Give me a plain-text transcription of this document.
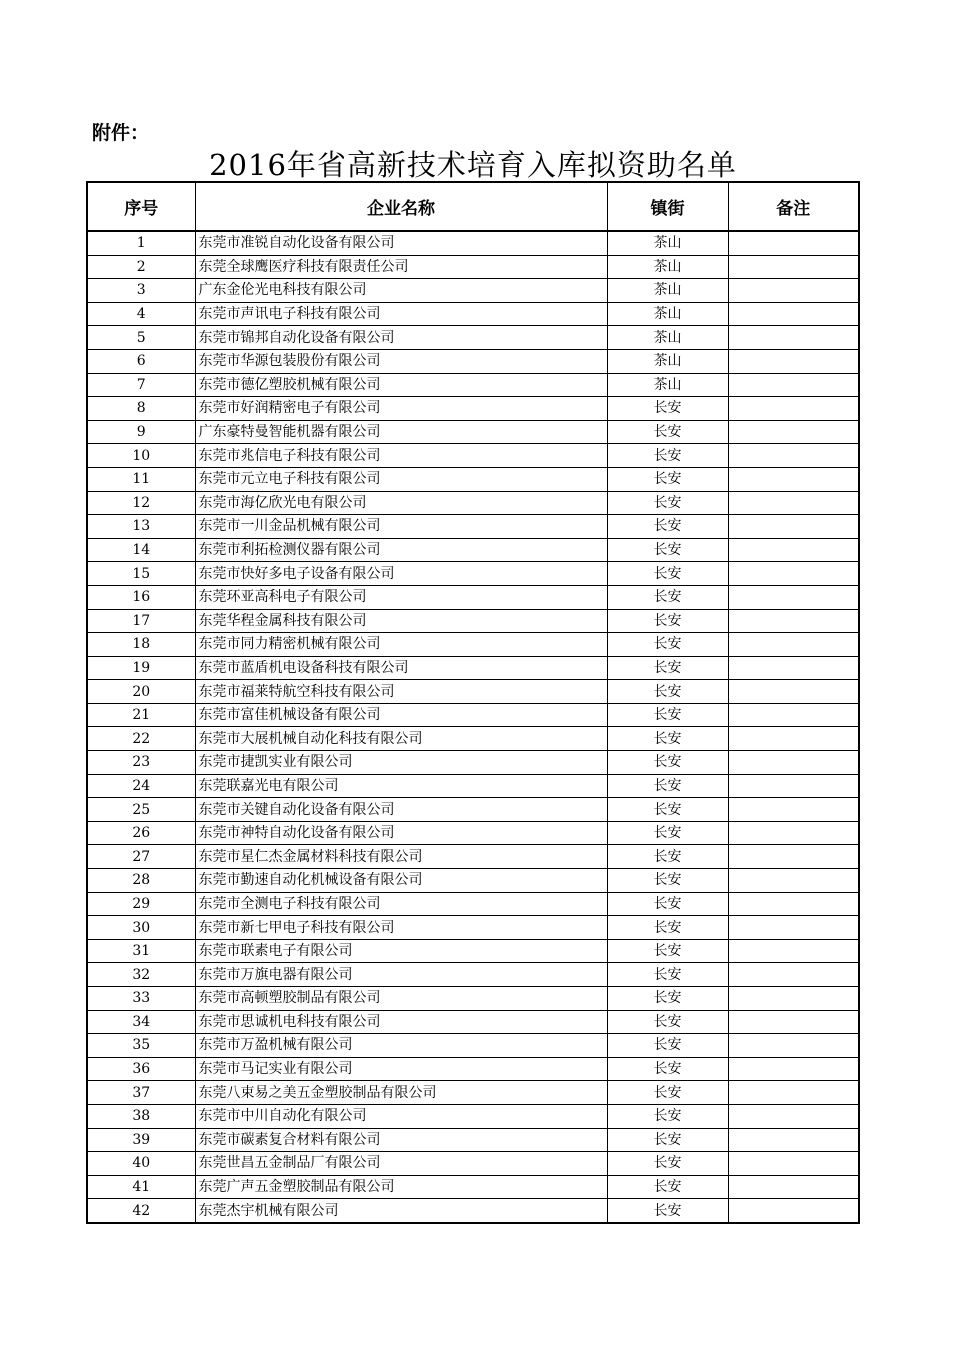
附件：
2016年省高新技术培育入库拟资助名单
序号	企业名称	镇街	备注
1	东莞市准锐自动化设备有限公司	茶山	
2	东莞全球鹰医疗科技有限责任公司	茶山	
3	广东金伦光电科技有限公司	茶山	
4	东莞市声讯电子科技有限公司	茶山	
5	东莞市锦邦自动化设备有限公司	茶山	
6	东莞市华源包装股份有限公司	茶山	
7	东莞市德亿塑胶机械有限公司	茶山	
8	东莞市好润精密电子有限公司	长安	
9	广东豪特曼智能机器有限公司	长安	
10	东莞市兆信电子科技有限公司	长安	
11	东莞市元立电子科技有限公司	长安	
12	东莞市海亿欣光电有限公司	长安	
13	东莞市一川金品机械有限公司	长安	
14	东莞市利拓检测仪器有限公司	长安	
15	东莞市快好多电子设备有限公司	长安	
16	东莞环亚高科电子有限公司	长安	
17	东莞华程金属科技有限公司	长安	
18	东莞市同力精密机械有限公司	长安	
19	东莞市蓝盾机电设备科技有限公司	长安	
20	东莞市福莱特航空科技有限公司	长安	
21	东莞市富佳机械设备有限公司	长安	
22	东莞市大展机械自动化科技有限公司	长安	
23	东莞市捷凯实业有限公司	长安	
24	东莞联嘉光电有限公司	长安	
25	东莞市关键自动化设备有限公司	长安	
26	东莞市神特自动化设备有限公司	长安	
27	东莞市星仁杰金属材料科技有限公司	长安	
28	东莞市勤速自动化机械设备有限公司	长安	
29	东莞市全测电子科技有限公司	长安	
30	东莞市新七甲电子科技有限公司	长安	
31	东莞市联素电子有限公司	长安	
32	东莞市万旗电器有限公司	长安	
33	东莞市高顿塑胶制品有限公司	长安	
34	东莞市思诚机电科技有限公司	长安	
35	东莞市万盈机械有限公司	长安	
36	东莞市马记实业有限公司	长安	
37	东莞八束易之美五金塑胶制品有限公司	长安	
38	东莞市中川自动化有限公司	长安	
39	东莞市碳素复合材料有限公司	长安	
40	东莞世昌五金制品厂有限公司	长安	
41	东莞广声五金塑胶制品有限公司	长安	
42	东莞杰宇机械有限公司	长安	
